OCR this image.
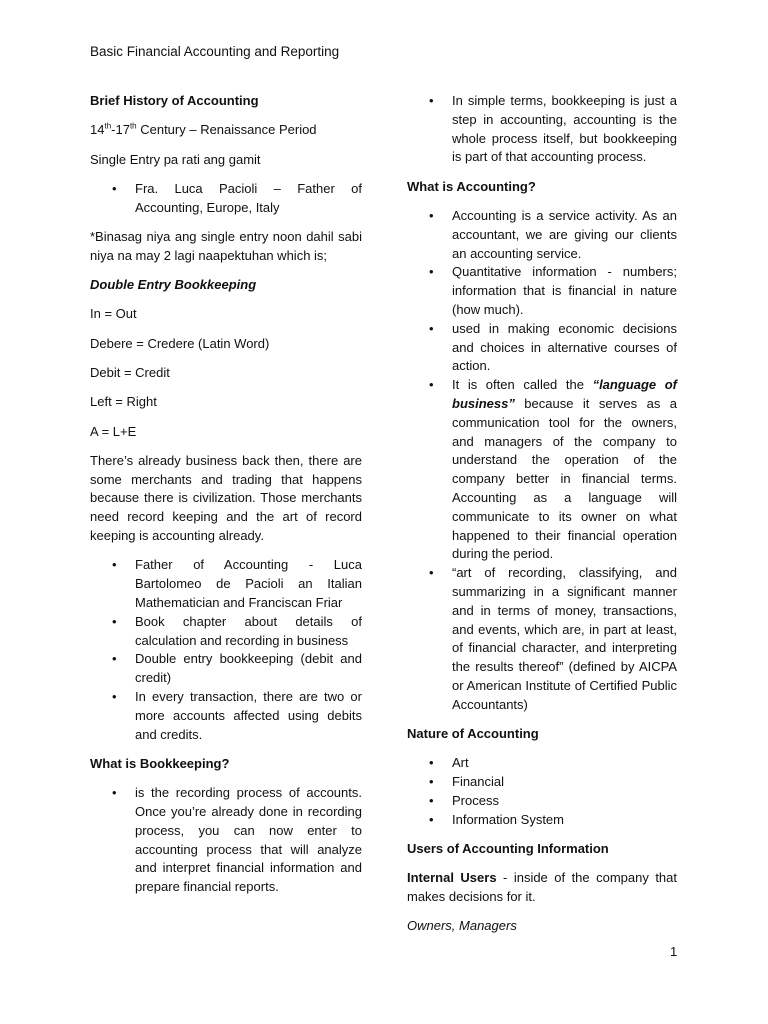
Basic Financial Accounting and Reporting
Brief History of Accounting

14th-17th Century – Renaissance Period

Single Entry pa rati ang gamit

• Fra. Luca Pacioli – Father of Accounting, Europe, Italy

*Binasag niya ang single entry noon dahil sabi niya na may 2 lagi naapektuhan which is;

Double Entry Bookkeeping

In = Out

Debere = Credere (Latin Word)

Debit = Credit

Left = Right

A = L+E

There’s already business back then, there are some merchants and trading that happens because there is civilization. Those merchants need record keeping and the art of record keeping is accounting already.

• Father of Accounting - Luca Bartolomeo de Pacioli an Italian Mathematician and Franciscan Friar
• Book chapter about details of calculation and recording in business
• Double entry bookkeeping (debit and credit)
• In every transaction, there are two or more accounts affected using debits and credits.
What is Bookkeeping?
• is the recording process of accounts. Once you’re already done in recording process, you can now enter to accounting process that will analyze and interpret financial information and prepare financial reports.
• In simple terms, bookkeeping is just a step in accounting, accounting is the whole process itself, but bookkeeping is part of that accounting process.
What is Accounting?
• Accounting is a service activity. As an accountant, we are giving our clients an accounting service.
• Quantitative information - numbers; information that is financial in nature (how much).
• used in making economic decisions and choices in alternative courses of action.
• It is often called the “language of business” because it serves as a communication tool for the owners, and managers of the company to understand the operation of the company better in financial terms. Accounting as a language will communicate to its owner on what happened to their financial operation during the period.
• “art of recording, classifying, and summarizing in a significant manner and in terms of money, transactions, and events, which are, in part at least, of financial character, and interpreting the results thereof” (defined by AICPA or American Institute of Certified Public Accountants)
Nature of Accounting
• Art
• Financial
• Process
• Information System
Users of Accounting Information

Internal Users - inside of the company that makes decisions for it.

Owners, Managers

1
